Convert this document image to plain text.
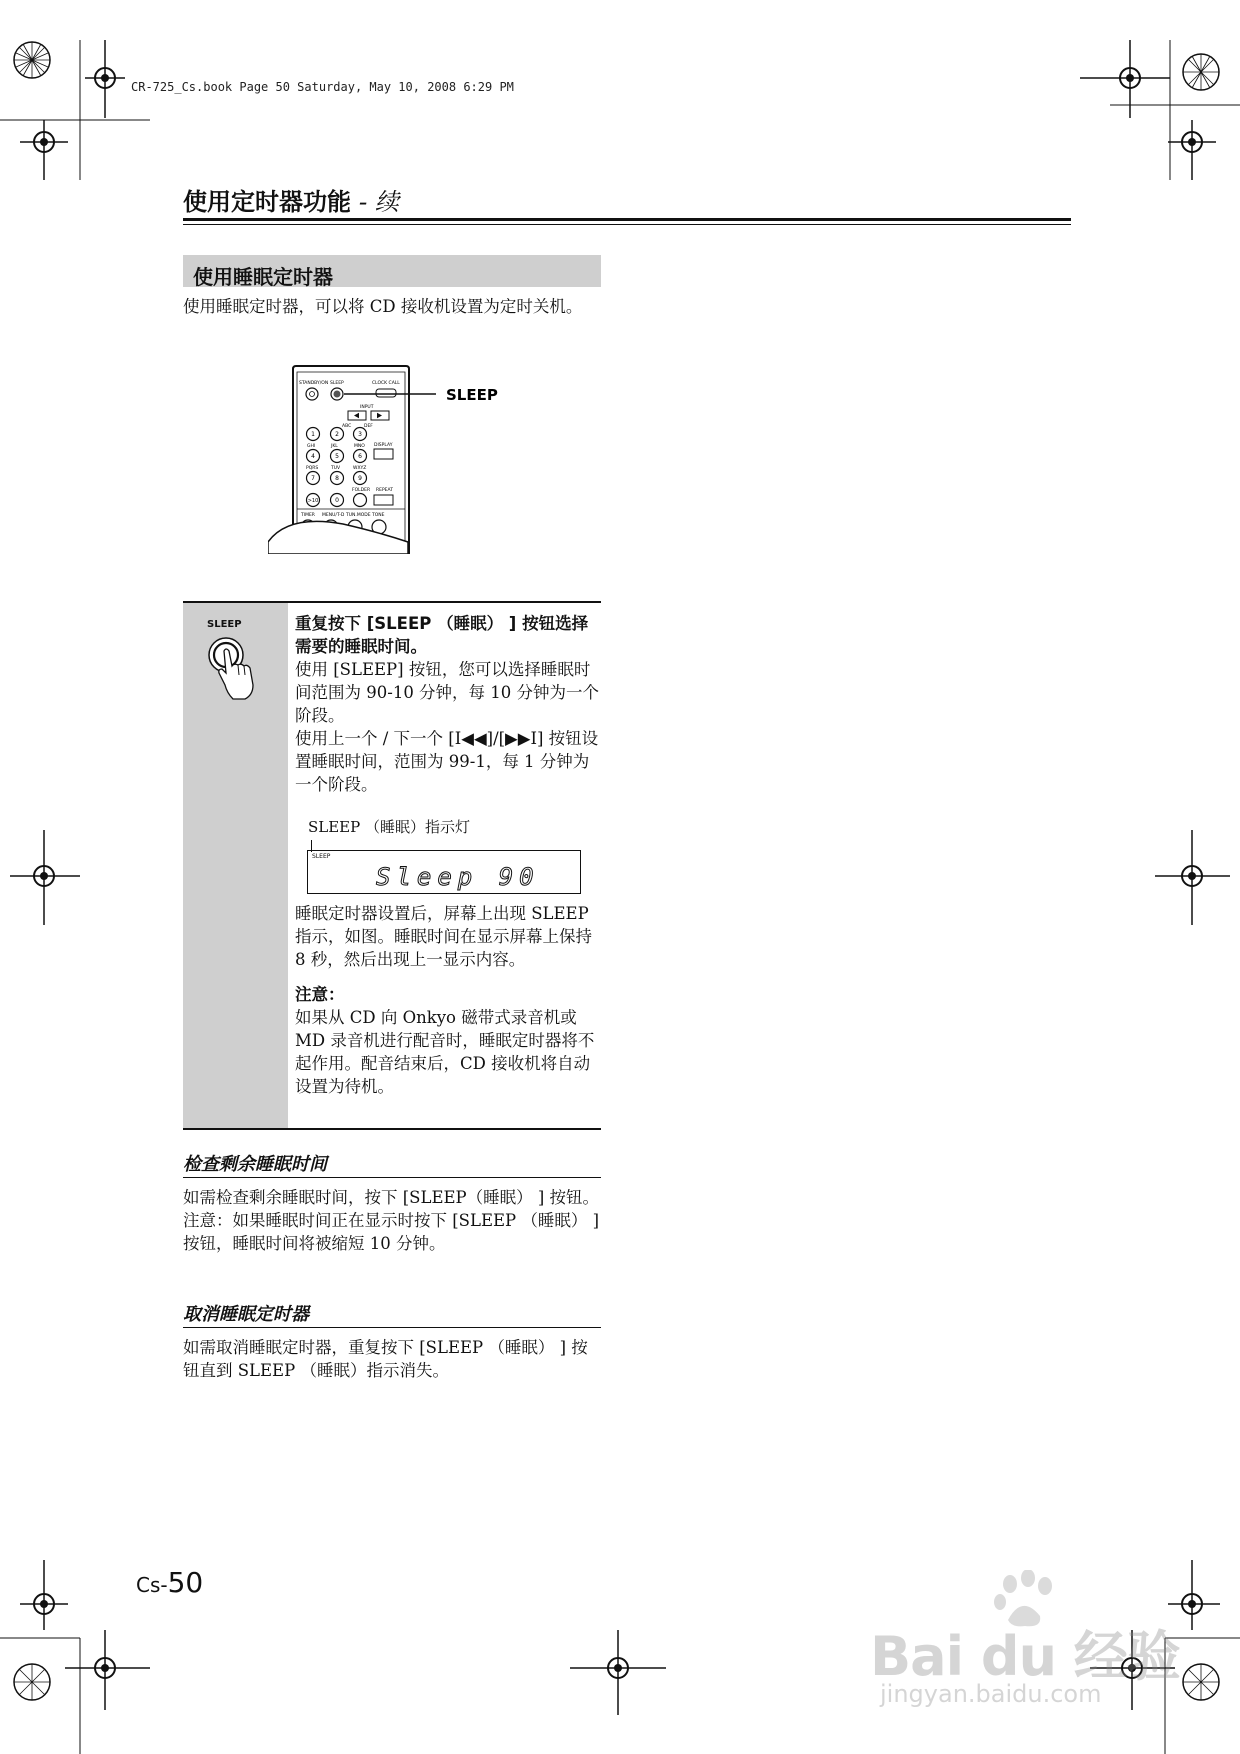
CR-725_Cs.book Page 50 Saturday, May 10, 2008 6:29 PM
使用定时器功能 - 续
使用睡眠定时器
使用睡眠定时器，可以将 CD 接收机设置为定时关机。
STANDBY/ON SLEEP	CLOCK CALL
SLEEP
INPUT
ABC	DEF
1	2	3
4	5	6
7	8	9
>10	0
GHI	JKL	MNO DISPLAY
PQRS	TUV	WXYZ
FOLDER REPEAT
TIMER MENU/T-D TUN.MODE TONE
SLEEP	重复按下 [SLEEP （睡眠） ] 按钮选择需要的睡眠时间。
使用 [SLEEP] 按钮，您可以选择睡眠时间范围为 90-10 分钟，每 10 分钟为一个阶段。
使用上一个 / 下一个 [I◀◀]/[▶▶I] 按钮设置睡眠时间，范围为 99-1，每 1 分钟为一个阶段。
SLEEP （睡眠）指示灯
SLEEP
Sleep 90
睡眠定时器设置后，屏幕上出现 SLEEP 指示，如图。睡眠时间在显示屏幕上保持 8 秒，然后出现上一显示内容。
注意：
如果从 CD 向 Onkyo 磁带式录音机或 MD 录音机进行配音时，睡眠定时器将不起作用。配音结束后，CD 接收机将自动设置为待机。
检查剩余睡眠时间
如需检查剩余睡眠时间，按下 [SLEEP（睡眠） ] 按钮。
注意：如果睡眠时间正在显示时按下 [SLEEP （睡眠） ] 按钮，睡眠时间将被缩短 10 分钟。
取消睡眠定时器
如需取消睡眠定时器，重复按下 [SLEEP （睡眠） ] 按钮直到 SLEEP （睡眠）指示消失。
Cs-50
Bai du 经验
jingyan.baidu.com
